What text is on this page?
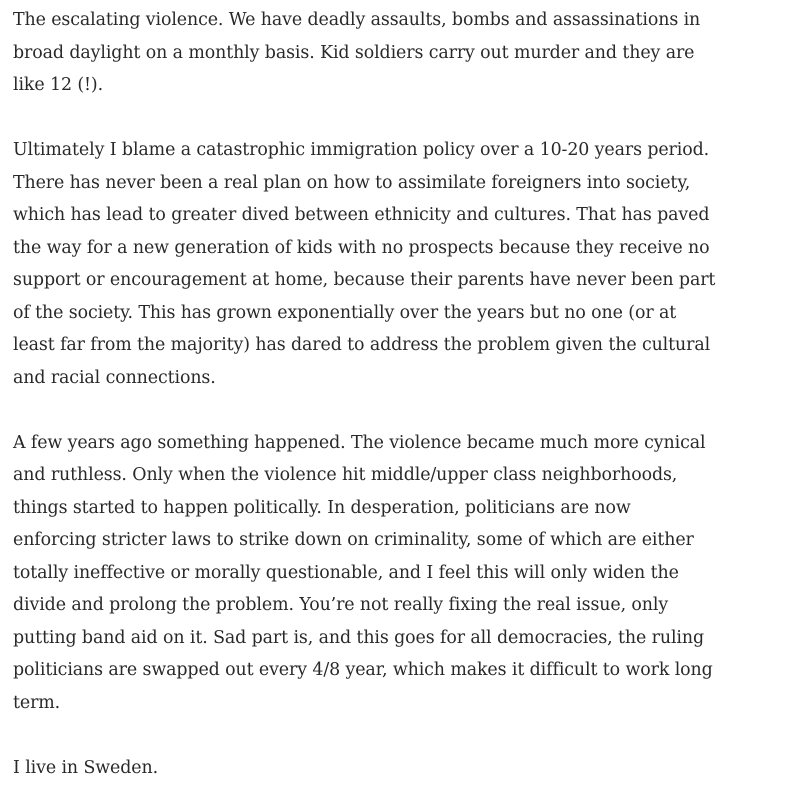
The escalating violence. We have deadly assaults, bombs and assassinations in
broad daylight on a monthly basis. Kid soldiers carry out murder and they are
like 12 (!).

Ultimately I blame a catastrophic immigration policy over a 10-20 years period.
There has never been a real plan on how to assimilate foreigners into society,
which has lead to greater dived between ethnicity and cultures. That has paved
the way for a new generation of kids with no prospects because they receive no
support or encouragement at home, because their parents have never been part
of the society. This has grown exponentially over the years but no one (or at
least far from the majority) has dared to address the problem given the cultural
and racial connections.

A few years ago something happened. The violence became much more cynical
and ruthless. Only when the violence hit middle/upper class neighborhoods,
things started to happen politically. In desperation, politicians are now
enforcing stricter laws to strike down on criminality, some of which are either
totally ineffective or morally questionable, and I feel this will only widen the
divide and prolong the problem. You’re not really fixing the real issue, only
putting band aid on it. Sad part is, and this goes for all democracies, the ruling
politicians are swapped out every 4/8 year, which makes it difficult to work long
term.

I live in Sweden.
